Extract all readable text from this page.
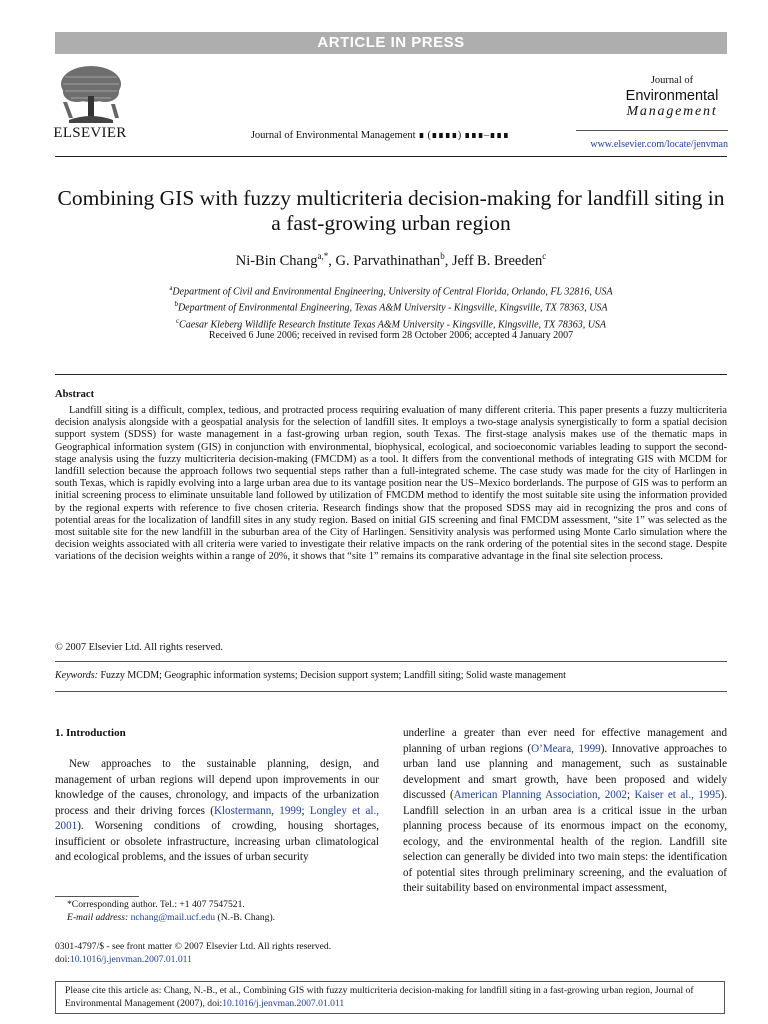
ARTICLE IN PRESS
ELSEVIER	Journal of Environmental Management ∎ (∎∎∎∎) ∎∎∎–∎∎∎
Journal of
Environmental
Management
www.elsevier.com/locate/jenvman
Combining GIS with fuzzy multicriteria decision-making for landfill siting in a fast-growing urban region
Ni-Bin Chang$^{a,*}$, G. Parvathinathan$^b$, Jeff B. Breeden$^c$
$^a$Department of Civil and Environmental Engineering, University of Central Florida, Orlando, FL 32816, USA
$^b$Department of Environmental Engineering, Texas A&M University - Kingsville, Kingsville, TX 78363, USA
$^c$Caesar Kleberg Wildlife Research Institute Texas A&M University - Kingsville, Kingsville, TX 78363, USA
Received 6 June 2006; received in revised form 28 October 2006; accepted 4 January 2007
Abstract
Landfill siting is a difficult, complex, tedious, and protracted process requiring evaluation of many different criteria. This paper presents a fuzzy multicriteria decision analysis alongside with a geospatial analysis for the selection of landfill sites. It employs a two-stage analysis synergistically to form a spatial decision support system (SDSS) for waste management in a fast-growing urban region, south Texas. The first-stage analysis makes use of the thematic maps in Geographical information system (GIS) in conjunction with environmental, biophysical, ecological, and socioeconomic variables leading to support the second-stage analysis using the fuzzy multicriteria decision-making (FMCDM) as a tool. It differs from the conventional methods of integrating GIS with MCDM for landfill selection because the approach follows two sequential steps rather than a full-integrated scheme. The case study was made for the city of Harlingen in south Texas, which is rapidly evolving into a large urban area due to its vantage position near the US–Mexico borderlands. The purpose of GIS was to perform an initial screening process to eliminate unsuitable land followed by utilization of FMCDM method to identify the most suitable site using the information provided by the regional experts with reference to five chosen criteria. Research findings show that the proposed SDSS may aid in recognizing the pros and cons of potential areas for the localization of landfill sites in any study region. Based on initial GIS screening and final FMCDM assessment, “site 1” was selected as the most suitable site for the new landfill in the suburban area of the City of Harlingen. Sensitivity analysis was performed using Monte Carlo simulation where the decision weights associated with all criteria were varied to investigate their relative impacts on the rank ordering of the potential sites in the second stage. Despite variations of the decision weights within a range of 20%, it shows that “site 1” remains its comparative advantage in the final site selection process.
© 2007 Elsevier Ltd. All rights reserved.
Keywords: Fuzzy MCDM; Geographic information systems; Decision support system; Landfill siting; Solid waste management
1. Introduction
New approaches to the sustainable planning, design, and management of urban regions will depend upon improvements in our knowledge of the causes, chronology, and impacts of the urbanization process and their driving forces (Klostermann, 1999; Longley et al., 2001). Worsening conditions of crowding, housing shortages, insufficient or obsolete infrastructure, increasing urban climatological and ecological problems, and the issues of urban security
underline a greater than ever need for effective management and planning of urban regions (O’Meara, 1999). Innovative approaches to urban land use planning and management, such as sustainable development and smart growth, have been proposed and widely discussed (American Planning Association, 2002; Kaiser et al., 1995). Landfill selection in an urban area is a critical issue in the urban planning process because of its enormous impact on the economy, ecology, and the environmental health of the region. Landfill site selection can generally be divided into two main steps: the identification of potential sites through preliminary screening, and the evaluation of their suitability based on environmental impact assessment,
*Corresponding author. Tel.: +1 407 7547521.
E-mail address: nchang@mail.ucf.edu (N.-B. Chang).
0301-4797/$ - see front matter © 2007 Elsevier Ltd. All rights reserved.
doi:10.1016/j.jenvman.2007.01.011
Please cite this article as: Chang, N.-B., et al., Combining GIS with fuzzy multicriteria decision-making for landfill siting in a fast-growing urban region, Journal of Environmental Management (2007), doi:10.1016/j.jenvman.2007.01.011
